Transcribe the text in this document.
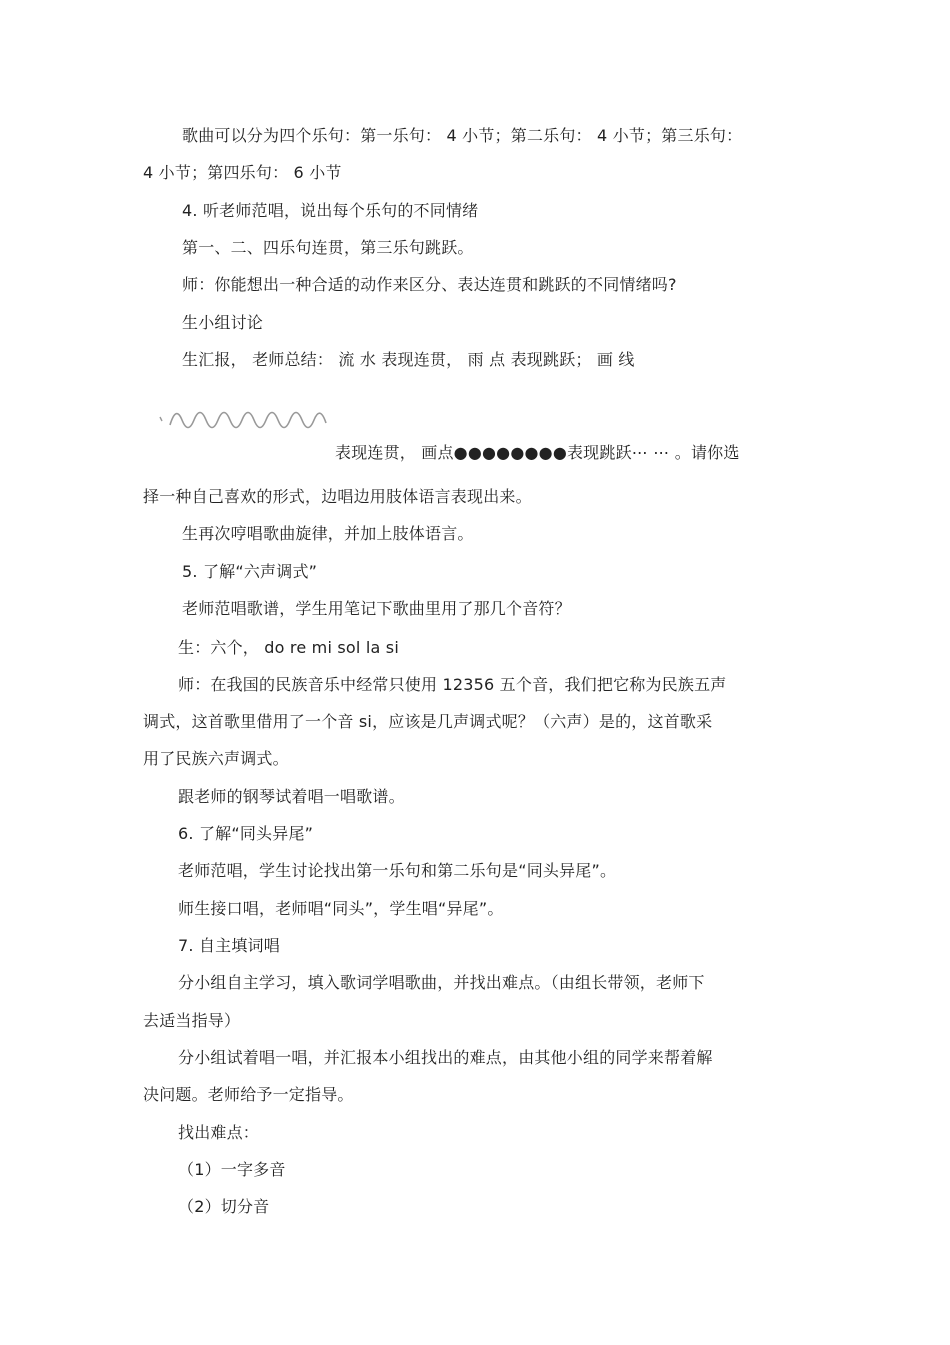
歌曲可以分为四个乐句：第一乐句： 4 小节；第二乐句： 4 小节；第三乐句：
4 小节；第四乐句： 6 小节
4. 听老师范唱，说出每个乐句的不同情绪
第一、二、四乐句连贯，第三乐句跳跃。
师：你能想出一种合适的动作来区分、表达连贯和跳跃的不同情绪吗?
生小组讨论
生汇报， 老师总结： 流 水 表现连贯， 雨 点 表现跳跃； 画 线
表现连贯， 画点●●●●●●●●表现跳跃⋯ ⋯ 。请你选
择一种自己喜欢的形式，边唱边用肢体语言表现出来。
生再次哼唱歌曲旋律，并加上肢体语言。
5. 了解“六声调式”
老师范唱歌谱，学生用笔记下歌曲里用了那几个音符？
生：六个， do re mi sol la si
师：在我国的民族音乐中经常只使用 12356 五个音，我们把它称为民族五声
调式，这首歌里借用了一个音 si，应该是几声调式呢？（六声）是的，这首歌采
用了民族六声调式。
跟老师的钢琴试着唱一唱歌谱。
6. 了解“同头异尾”
老师范唱，学生讨论找出第一乐句和第二乐句是“同头异尾”。
师生接口唱，老师唱“同头”，学生唱“异尾”。
7. 自主填词唱
分小组自主学习，填入歌词学唱歌曲，并找出难点。（由组长带领，老师下
去适当指导）
分小组试着唱一唱，并汇报本小组找出的难点，由其他小组的同学来帮着解
决问题。老师给予一定指导。
找出难点：
（1）一字多音
（2）切分音
